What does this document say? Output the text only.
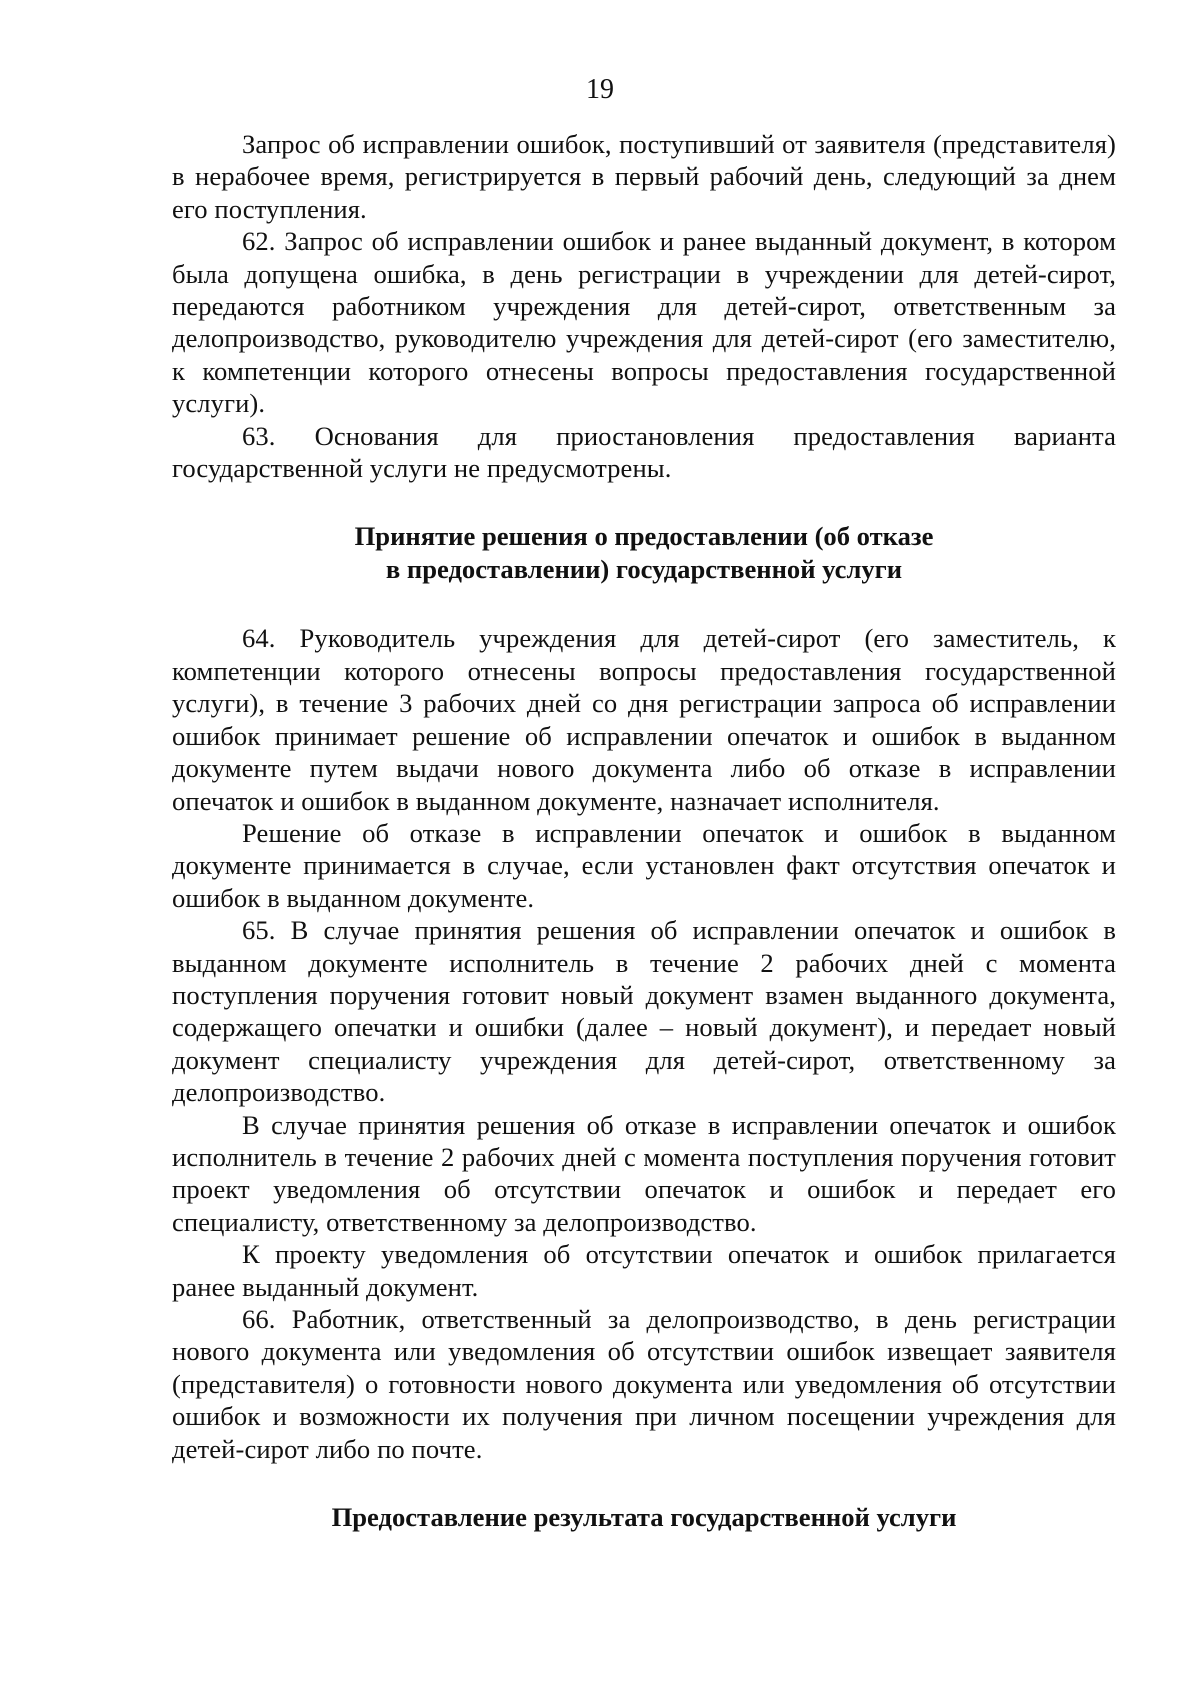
19

Запрос об исправлении ошибок, поступивший от заявителя (представителя) в нерабочее время, регистрируется в первый рабочий день, следующий за днем его поступления.

62. Запрос об исправлении ошибок и ранее выданный документ, в котором была допущена ошибка, в день регистрации в учреждении для детей-сирот, передаются работником учреждения для детей-сирот, ответственным за делопроизводство, руководителю учреждения для детей-сирот (его заместителю, к компетенции которого отнесены вопросы предоставления государственной услуги).

63. Основания для приостановления предоставления варианта государственной услуги не предусмотрены.

Принятие решения о предоставлении (об отказе

в предоставлении) государственной услуги

64. Руководитель учреждения для детей-сирот (его заместитель, к компетенции которого отнесены вопросы предоставления государственной услуги), в течение 3 рабочих дней со дня регистрации запроса об исправлении ошибок принимает решение об исправлении опечаток и ошибок в выданном документе путем выдачи нового документа либо об отказе в исправлении опечаток и ошибок в выданном документе, назначает исполнителя.

Решение об отказе в исправлении опечаток и ошибок в выданном документе принимается в случае, если установлен факт отсутствия опечаток и ошибок в выданном документе.

65. В случае принятия решения об исправлении опечаток и ошибок в выданном документе исполнитель в течение 2 рабочих дней с момента поступления поручения готовит новый документ взамен выданного документа, содержащего опечатки и ошибки (далее – новый документ), и передает новый документ специалисту учреждения для детей-сирот, ответственному за делопроизводство.

В случае принятия решения об отказе в исправлении опечаток и ошибок исполнитель в течение 2 рабочих дней с момента поступления поручения готовит проект уведомления об отсутствии опечаток и ошибок и передает его специалисту, ответственному за делопроизводство.

К проекту уведомления об отсутствии опечаток и ошибок прилагается ранее выданный документ.

66. Работник, ответственный за делопроизводство, в день регистрации нового документа или уведомления об отсутствии ошибок извещает заявителя (представителя) о готовности нового документа или уведомления об отсутствии ошибок и возможности их получения при личном посещении учреждения для детей-сирот либо по почте.

Предоставление результата государственной услуги
